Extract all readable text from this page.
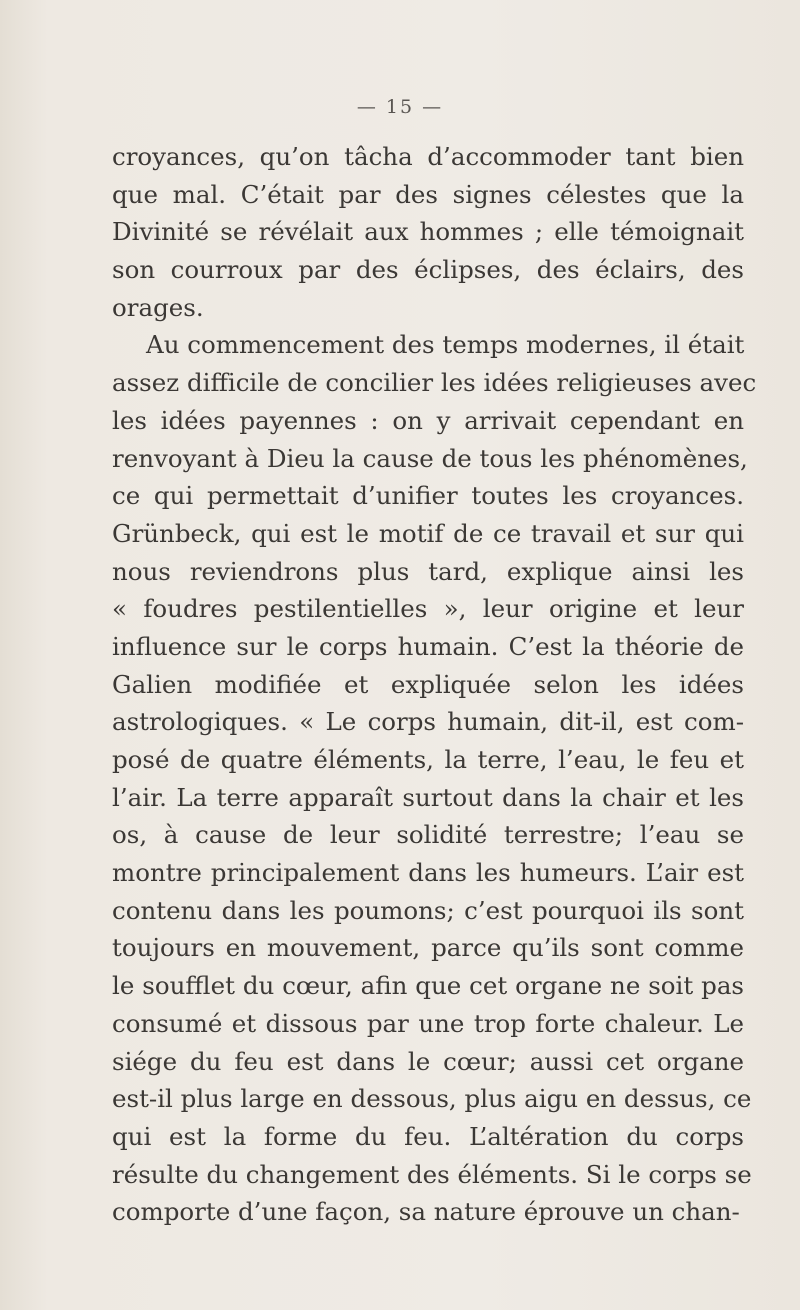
— 15 —
croyances, qu’on tâcha d’accommoder tant bien
que mal. C’était par des signes célestes que la
Divinité se révélait aux hommes ; elle témoignait
son courroux par des éclipses, des éclairs, des
orages.
Au commencement des temps modernes, il était
assez difficile de concilier les idées religieuses avec
les idées payennes : on y arrivait cependant en
renvoyant à Dieu la cause de tous les phénomènes,
ce qui permettait d’unifier toutes les croyances.
Grünbeck, qui est le motif de ce travail et sur qui
nous reviendrons plus tard, explique ainsi les
« foudres pestilentielles », leur origine et leur
influence sur le corps humain. C’est la théorie de
Galien modifiée et expliquée selon les idées
astrologiques. « Le corps humain, dit-il, est com-
posé de quatre éléments, la terre, l’eau, le feu et
l’air. La terre apparaît surtout dans la chair et les
os, à cause de leur solidité terrestre; l’eau se
montre principalement dans les humeurs. L’air est
contenu dans les poumons; c’est pourquoi ils sont
toujours en mouvement, parce qu’ils sont comme
le soufflet du cœur, afin que cet organe ne soit pas
consumé et dissous par une trop forte chaleur. Le
siége du feu est dans le cœur; aussi cet organe
est-il plus large en dessous, plus aigu en dessus, ce
qui est la forme du feu. L’altération du corps
résulte du changement des éléments. Si le corps se
comporte d’une façon, sa nature éprouve un chan-
